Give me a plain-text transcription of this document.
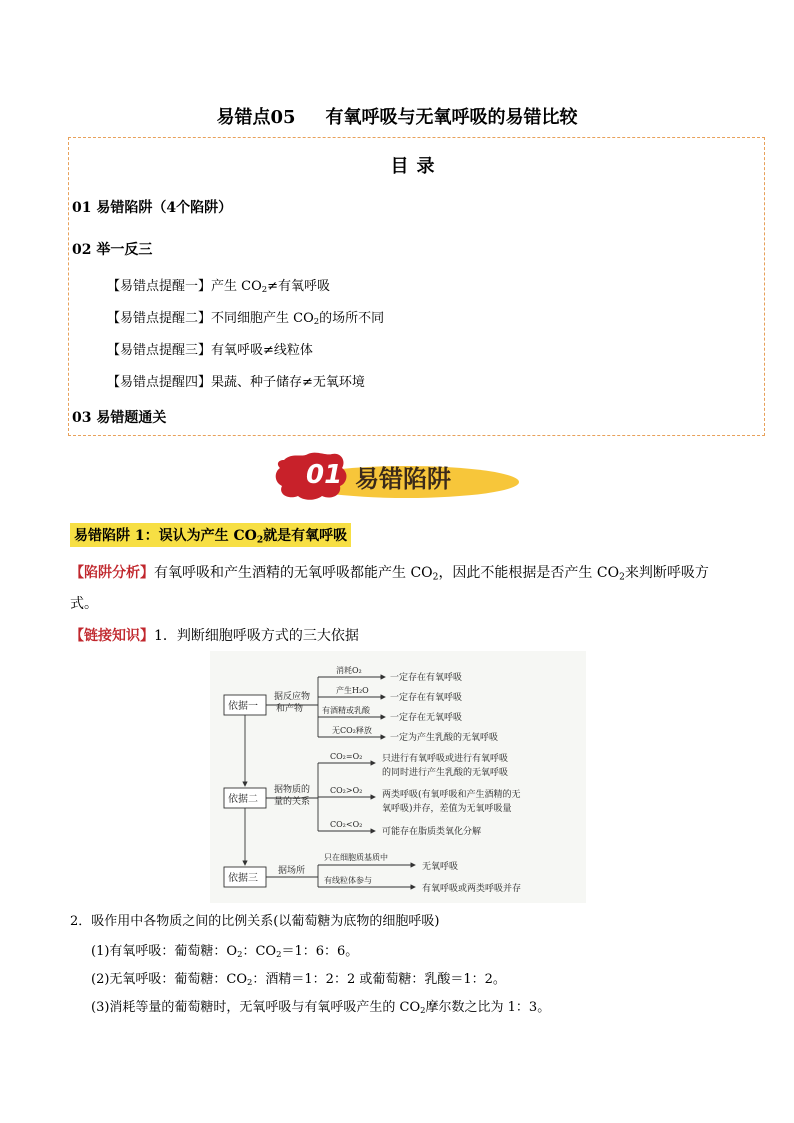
易错点05 有氧呼吸与无氧呼吸的易错比较
目录
01 易错陷阱（4个陷阱）
02 举一反三
【易错点提醒一】产生 $CO_2\ne$有氧呼吸
【易错点提醒二】不同细胞产生 $CO_2$的场所不同
【易错点提醒三】有氧呼吸≠线粒体
【易错点提醒四】果蔬、种子储存≠无氧环境
03 易错题通关
01 易错陷阱
易错陷阱 1：误认为产生 $CO_2$就是有氧呼吸
【陷阱分析】有氧呼吸和产生酒精的无氧呼吸都能产生 $CO_2$，因此不能根据是否产生 $CO_2$来判断呼吸方
式。
【链接知识】1．判断细胞呼吸方式的三大依据
依据一
依据二
依据三
据反应物
和产物
据物质的
量的关系
据场所
消耗O₂
产生H₂O
有酒精或乳酸
无CO₂释放
一定存在有氧呼吸
一定存在有氧呼吸
一定存在无氧呼吸
一定为产生乳酸的无氧呼吸
CO₂=O₂
CO₂>O₂
CO₂<O₂
只进行有氧呼吸或进行有氧呼吸
的同时进行产生乳酸的无氧呼吸
两类呼吸(有氧呼吸和产生酒精的无
氧呼吸)并存，差值为无氧呼吸量
可能存在脂质类氧化分解
只在细胞质基质中
有线粒体参与
无氧呼吸
有氧呼吸或两类呼吸并存
2．吸作用中各物质之间的比例关系(以葡萄糖为底物的细胞呼吸)
(1)有氧呼吸：葡萄糖：$O_2$：$CO_2=1$：6：6。
(2)无氧呼吸：葡萄糖：$CO_2$：酒精＝1：2：2 或葡萄糖：乳酸＝1：2。
(3)消耗等量的葡萄糖时，无氧呼吸与有氧呼吸产生的 $CO_2$摩尔数之比为 1：3。
